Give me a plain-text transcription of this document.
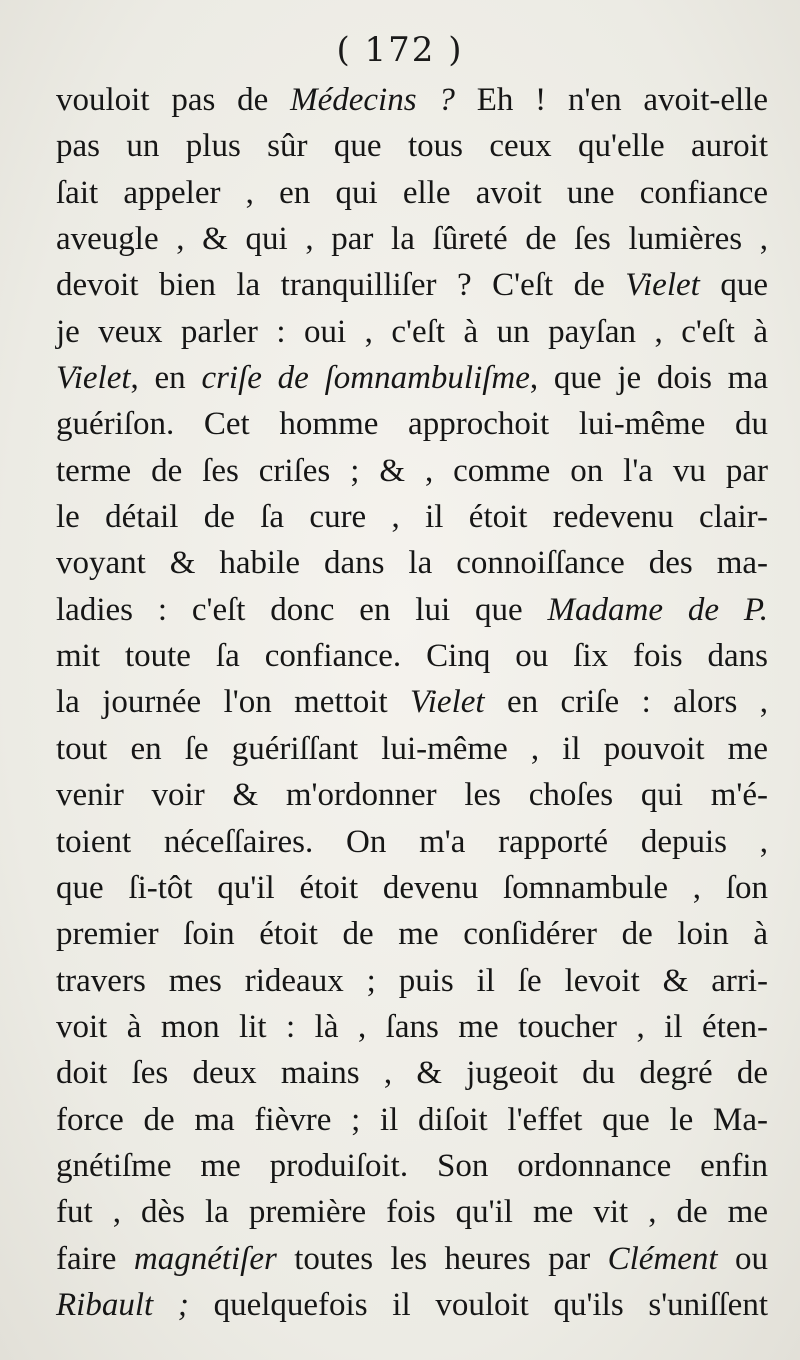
( 172 )
vouloit pas de Médecins ? Eh ! n'en avoit-elle
pas un plus sûr que tous ceux qu'elle auroit
ſait appeler , en qui elle avoit une confiance
aveugle , & qui , par la ſûreté de ſes lumières ,
devoit bien la tranquilliſer ? C'eſt de Vielet que
je veux parler : oui , c'eſt à un payſan , c'eſt à
Vielet, en criſe de ſomnambuliſme, que je dois ma
guériſon. Cet homme approchoit lui-même du
terme de ſes criſes ; & , comme on l'a vu par
le détail de ſa cure , il étoit redevenu clair-
voyant & habile dans la connoiſſance des ma-
ladies : c'eſt donc en lui que Madame de P.
mit toute ſa confiance. Cinq ou ſix fois dans
la journée l'on mettoit Vielet en criſe : alors ,
tout en ſe guériſſant lui-même , il pouvoit me
venir voir & m'ordonner les choſes qui m'é-
toient néceſſaires. On m'a rapporté depuis ,
que ſi-tôt qu'il étoit devenu ſomnambule , ſon
premier ſoin étoit de me conſidérer de loin à
travers mes rideaux ; puis il ſe levoit & arri-
voit à mon lit : là , ſans me toucher , il éten-
doit ſes deux mains , & jugeoit du degré de
force de ma fièvre ; il diſoit l'effet que le Ma-
gnétiſme me produiſoit. Son ordonnance enfin
fut , dès la première fois qu'il me vit , de me
faire magnétiſer toutes les heures par Clément ou
Ribault ; quelquefois il vouloit qu'ils s'uniſſent
